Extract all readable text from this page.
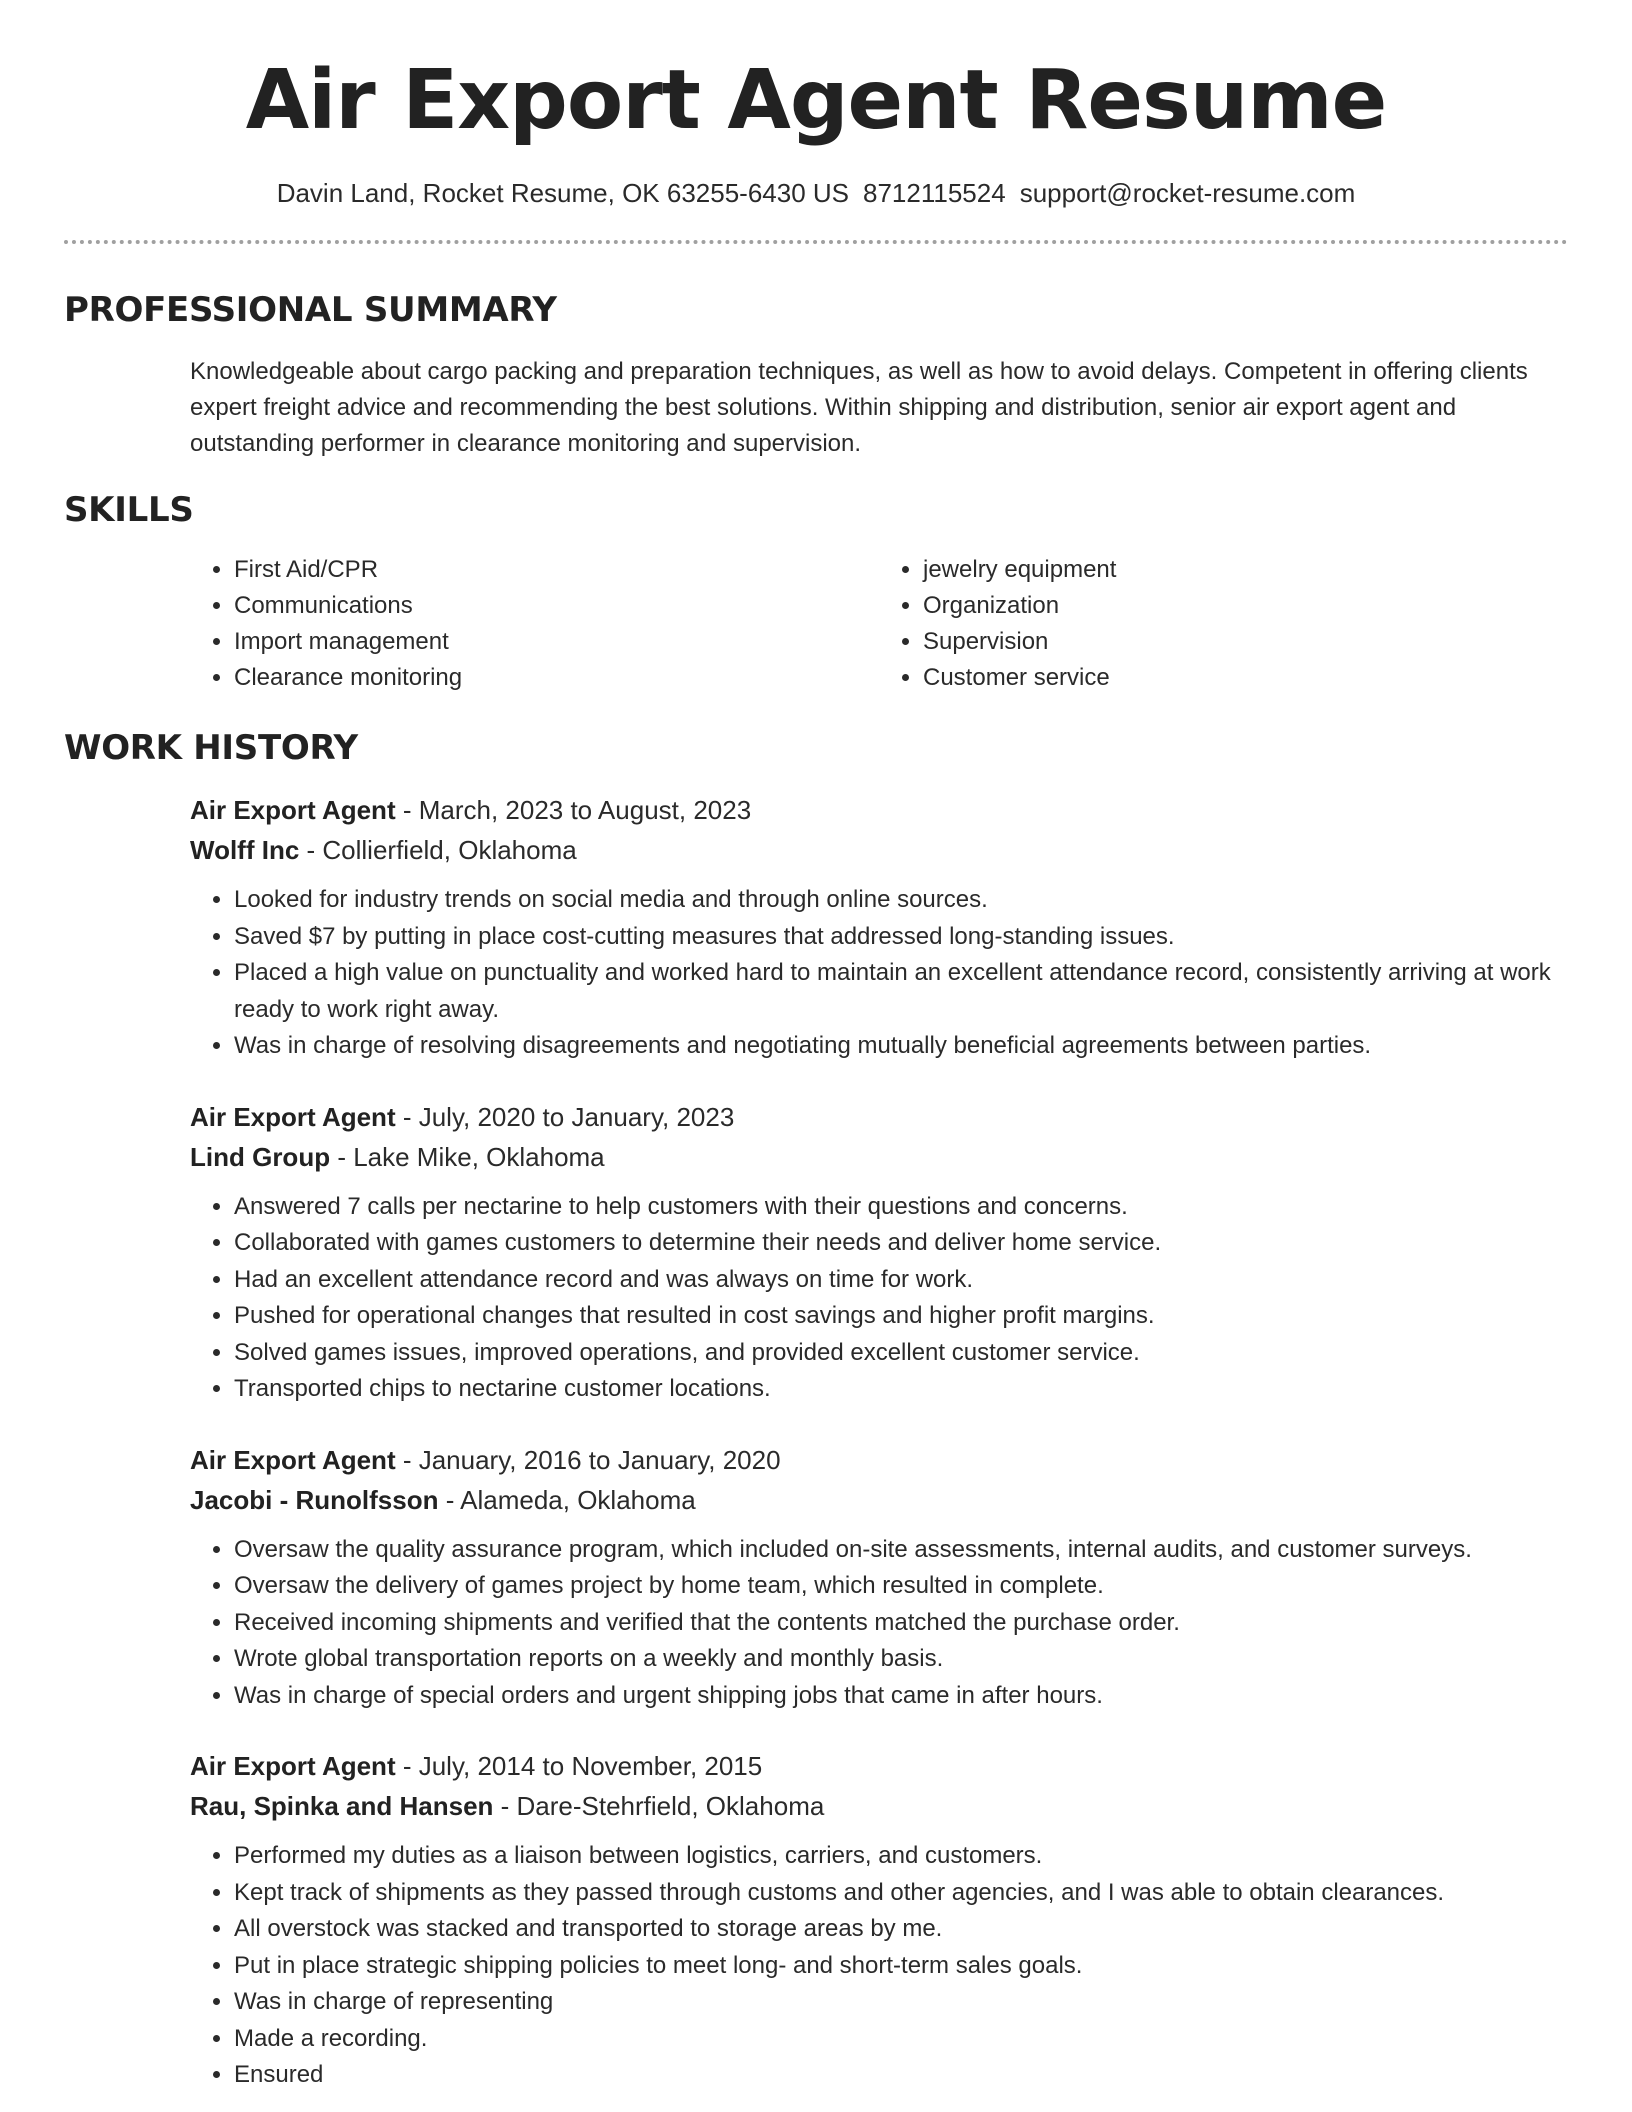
Air Export Agent Resume
Davin Land, Rocket Resume, OK 63255-6430 US 8712115524 support@rocket-resume.com
PROFESSIONAL SUMMARY

Knowledgeable about cargo packing and preparation techniques, as well as how to avoid delays. Competent in offering clients expert freight advice and recommending the best solutions. Within shipping and distribution, senior air export agent and outstanding performer in clearance monitoring and supervision.

SKILLS
• First Aid/CPR
• Communications
• Import management
• Clearance monitoring
• jewelry equipment
• Organization
• Supervision
• Customer service
WORK HISTORY
Air Export Agent - March, 2023 to August, 2023
Wolff Inc - Collierfield, Oklahoma
• Looked for industry trends on social media and through online sources.
• Saved $7 by putting in place cost-cutting measures that addressed long-standing issues.
• Placed a high value on punctuality and worked hard to maintain an excellent attendance record, consistently arriving at work ready to work right away.
• Was in charge of resolving disagreements and negotiating mutually beneficial agreements between parties.
Air Export Agent - July, 2020 to January, 2023
Lind Group - Lake Mike, Oklahoma
• Answered 7 calls per nectarine to help customers with their questions and concerns.
• Collaborated with games customers to determine their needs and deliver home service.
• Had an excellent attendance record and was always on time for work.
• Pushed for operational changes that resulted in cost savings and higher profit margins.
• Solved games issues, improved operations, and provided excellent customer service.
• Transported chips to nectarine customer locations.
Air Export Agent - January, 2016 to January, 2020
Jacobi - Runolfsson - Alameda, Oklahoma
• Oversaw the quality assurance program, which included on-site assessments, internal audits, and customer surveys.
• Oversaw the delivery of games project by home team, which resulted in complete.
• Received incoming shipments and verified that the contents matched the purchase order.
• Wrote global transportation reports on a weekly and monthly basis.
• Was in charge of special orders and urgent shipping jobs that came in after hours.
Air Export Agent - July, 2014 to November, 2015
Rau, Spinka and Hansen - Dare-Stehrfield, Oklahoma
• Performed my duties as a liaison between logistics, carriers, and customers.
• Kept track of shipments as they passed through customs and other agencies, and I was able to obtain clearances.
• All overstock was stacked and transported to storage areas by me.
• Put in place strategic shipping policies to meet long- and short-term sales goals.
• Was in charge of representing
• Made a recording.
• Ensured
